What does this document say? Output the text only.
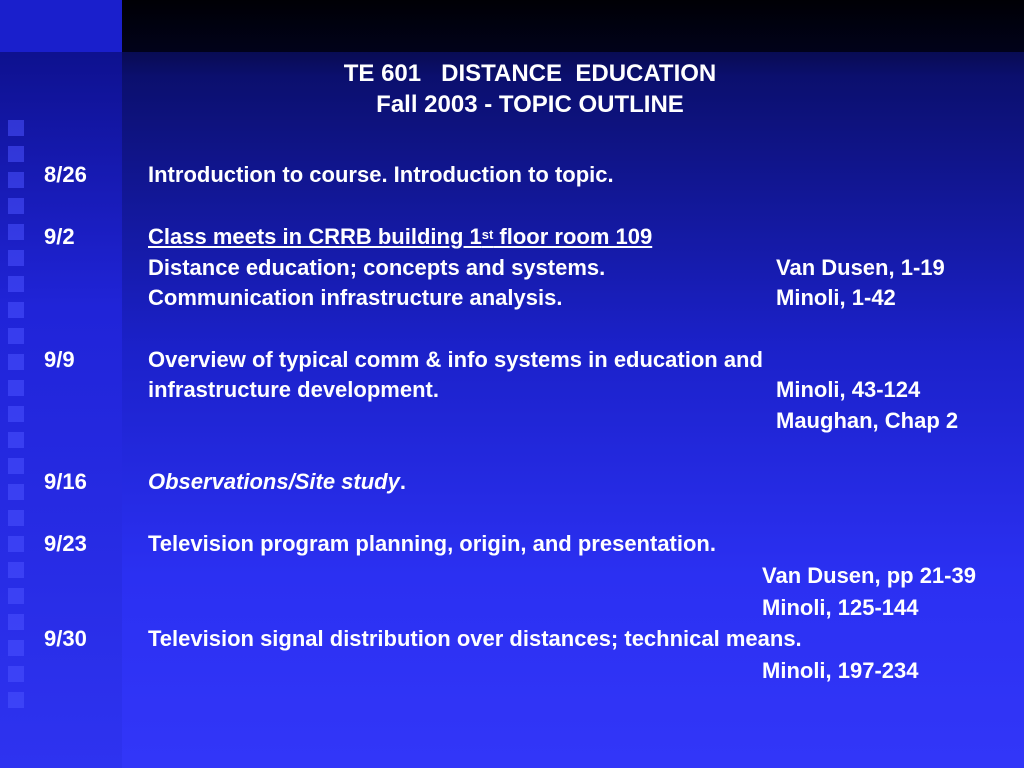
TE 601   DISTANCE  EDUCATION
Fall 2003 - TOPIC OUTLINE
8/26	Introduction to course. Introduction to topic.
9/2	Class meets in CRRB building 1st floor room 109
Distance education; concepts and systems.	Van Dusen, 1-19
Communication infrastructure analysis.	Minoli, 1-42
9/9	Overview of typical comm & info systems in education and
infrastructure development.	Minoli, 43-124
Maughan, Chap 2
9/16	Observations/Site study.
9/23	Television program planning, origin, and presentation.
Van Dusen, pp 21-39
Minoli, 125-144
9/30	Television signal distribution over distances; technical means.
Minoli, 197-234
